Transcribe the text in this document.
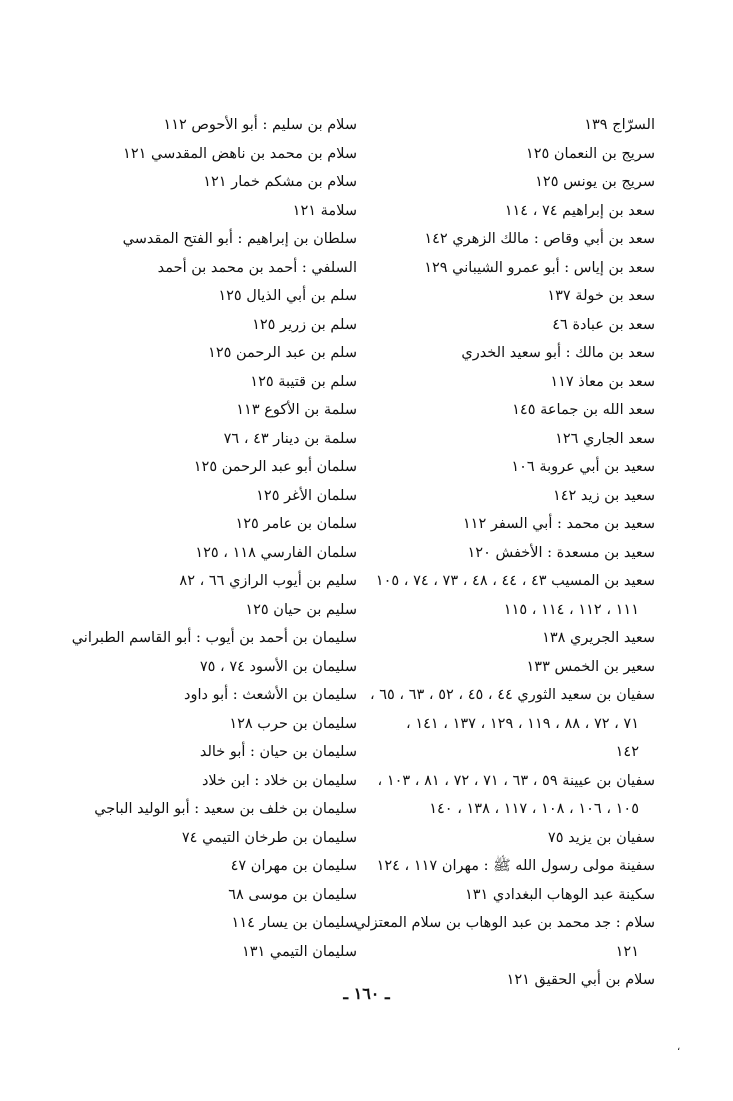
السرّاج ١٣٩
سريج بن النعمان ١٢٥
سريج بن يونس ١٢٥
سعد بن إبراهيم ٧٤ ، ١١٤
سعد بن أبي وقاص : مالك الزهري ١٤٢
سعد بن إياس : أبو عمرو الشيباني ١٢٩
سعد بن خولة ١٣٧
سعد بن عبادة ٤٦
سعد بن مالك : أبو سعيد الخدري
سعد بن معاذ ١١٧
سعد الله بن جماعة ١٤٥
سعد الجاري ١٢٦
سعيد بن أبي عروبة ١٠٦
سعيد بن زيد ١٤٢
سعيد بن محمد : أبي السفر ١١٢
سعيد بن مسعدة : الأخفش ١٢٠
سعيد بن المسيب ٤٣ ، ٤٤ ، ٤٨ ، ٧٣ ، ٧٤ ، ١٠٥
١١١ ، ١١٢ ، ١١٤ ، ١١٥
سعيد الجريري ١٣٨
سعير بن الخمس ١٣٣
سفيان بن سعيد الثوري ٤٤ ، ٤٥ ، ٥٢ ، ٦٣ ، ٦٥ ،
٧١ ، ٧٢ ، ٨٨ ، ١١٩ ، ١٢٩ ، ١٣٧ ، ١٤١ ،
١٤٢
سفيان بن عيينة ٥٩ ، ٦٣ ، ٧١ ، ٧٢ ، ٨١ ، ١٠٣ ،
١٠٥ ، ١٠٦ ، ١٠٨ ، ١١٧ ، ١٣٨ ، ١٤٠
سفيان بن يزيد ٧٥
سفينة مولى رسول الله ﷺ : مهران ١١٧ ، ١٢٤
سكينة عبد الوهاب البغدادي ١٣١
سلام : جد محمد بن عبد الوهاب بن سلام المعتزلي
١٢١
سلام بن أبي الحقيق ١٢١
سلام بن سليم : أبو الأحوص ١١٢
سلام بن محمد بن ناهض المقدسي ١٢١
سلام بن مشكم خمار ١٢١
سلامة ١٢١
سلطان بن إبراهيم : أبو الفتح المقدسي
السلفي : أحمد بن محمد بن أحمد
سلم بن أبي الذيال ١٢٥
سلم بن زرير ١٢٥
سلم بن عبد الرحمن ١٢٥
سلم بن قتيبة ١٢٥
سلمة بن الأكوع ١١٣
سلمة بن دينار ٤٣ ، ٧٦
سلمان أبو عبد الرحمن ١٢٥
سلمان الأغر ١٢٥
سلمان بن عامر ١٢٥
سلمان الفارسي ١١٨ ، ١٢٥
سليم بن أيوب الرازي ٦٦ ، ٨٢
سليم بن حيان ١٢٥
سليمان بن أحمد بن أيوب : أبو القاسم الطبراني
سليمان بن الأسود ٧٤ ، ٧٥
سليمان بن الأشعث : أبو داود
سليمان بن حرب ١٢٨
سليمان بن حيان : أبو خالد
سليمان بن خلاد : ابن خلاد
سليمان بن خلف بن سعيد : أبو الوليد الباجي
سليمان بن طرخان التيمي ٧٤
سليمان بن مهران ٤٧
سليمان بن موسى ٦٨
سليمان بن يسار ١١٤
سليمان التيمي ١٣١
ـ ١٦٠ ـ
،
